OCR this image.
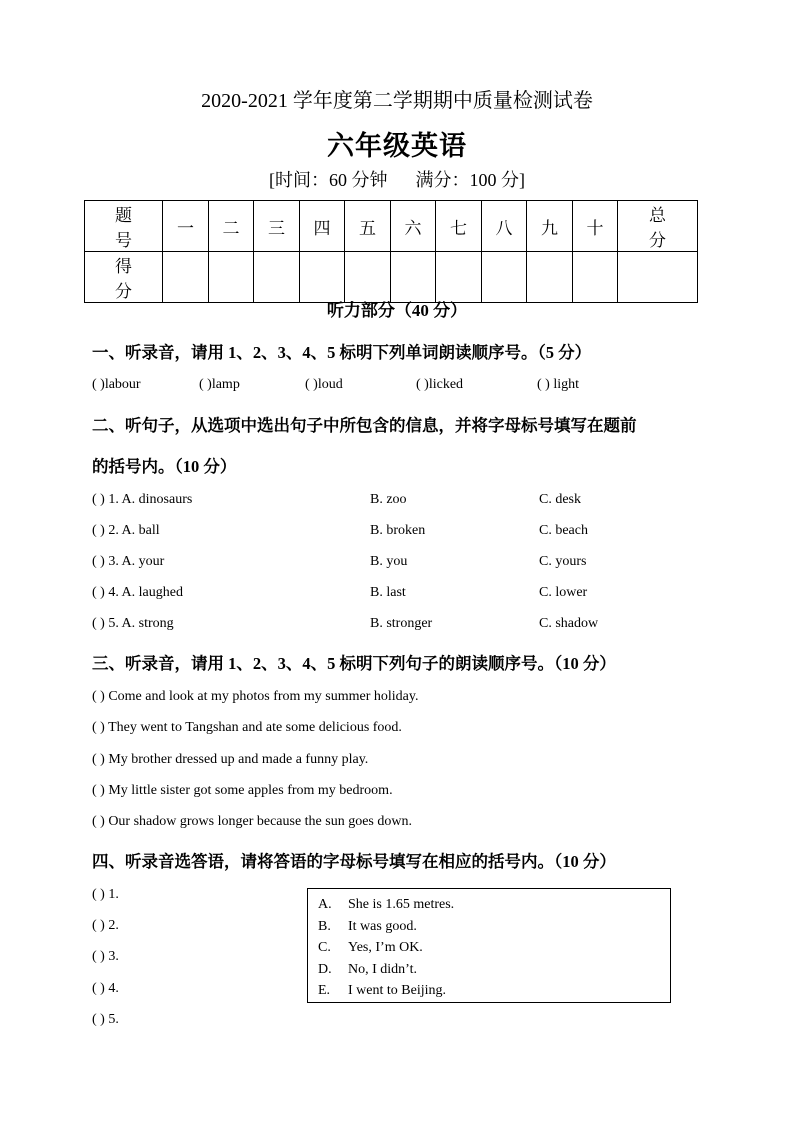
2020-2021 学年度第二学期期中质量检测试卷
六年级英语
[时间：60 分钟 满分：100 分]
题号	一	二	三	四	五	六	七	八	九	十	总分
得分											
听力部分（40 分）
一、听录音，请用 1、2、3、4、5 标明下列单词朗读顺序号。（5 分）
( )labour	( )lamp	( )loud	( )licked	( ) light
二、听句子，从选项中选出句子中所包含的信息，并将字母标号填写在题前
的括号内。（10 分）
( ) 1. A. dinosaurs	B. zoo	C. desk
( ) 2. A. ball	B. broken	C. beach
( ) 3. A. your	B. you	C. yours
( ) 4. A. laughed	B. last	C. lower
( ) 5. A. strong	B. stronger	C. shadow
三、听录音，请用 1、2、3、4、5 标明下列句子的朗读顺序号。（10 分）
( ) Come and look at my photos from my summer holiday.
( ) They went to Tangshan and ate some delicious food.
( ) My brother dressed up and made a funny play.
( ) My little sister got some apples from my bedroom.
( ) Our shadow grows longer because the sun goes down.
四、听录音选答语，请将答语的字母标号填写在相应的括号内。（10 分）
( ) 1.
( ) 2.
( ) 3.
( ) 4.
( ) 5.
A. She is 1.65 metres.
B. It was good.
C. Yes, I’m OK.
D. No, I didn’t.
E. I went to Beijing.
